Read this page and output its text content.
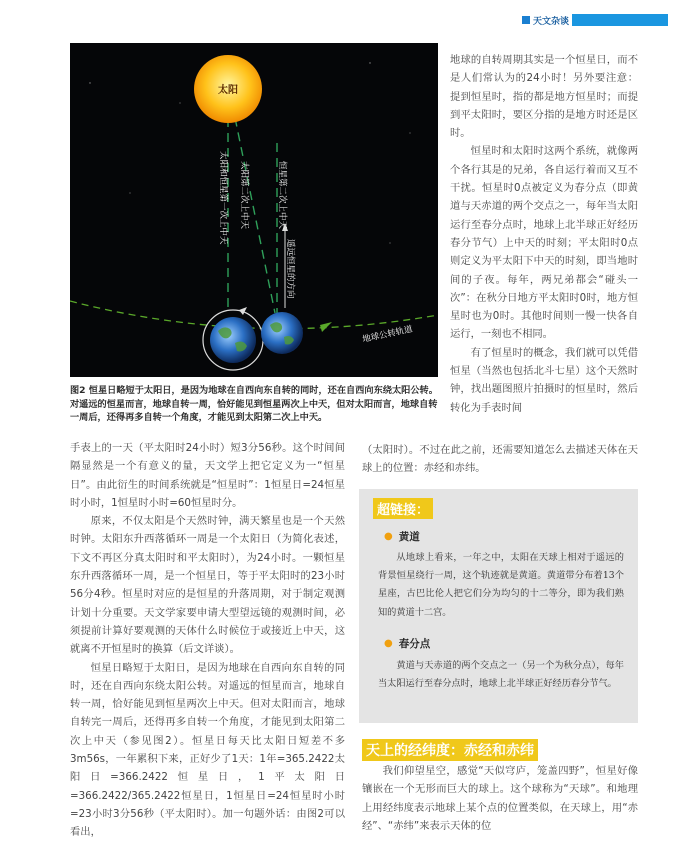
天文杂谈
太阳
太阳和恒星第一次上中天 太阳第二次上中天	恒星第二次上中天
遥远恒星的方向
地球公转轨道
图2 恒星日略短于太阳日，是因为地球在自西向东自转的同时，还在自西向东绕太阳公转。对遥远的恒星而言，地球自转一周，恰好能见到恒星两次上中天，但对太阳而言，地球自转一周后，还得再多自转一个角度，才能见到太阳第二次上中天。

地球的自转周期其实是一个恒星日，而不是人们常认为的24小时！另外要注意：提到恒星时，指的都是地方恒星时；而提到平太阳时，要区分指的是地方时还是区时。

恒星时和太阳时这两个系统，就像两个各行其是的兄弟，各自运行着而又互不干扰。恒星时0点被定义为春分点（即黄道与天赤道的两个交点之一，每年当太阳运行至春分点时，地球上北半球正好经历春分节气）上中天的时刻；平太阳时0点则定义为平太阳下中天的时刻，即当地时间的子夜。每年，两兄弟都会“碰头一次”：在秋分日地方平太阳时0时，地方恒星时也为0时。其他时间则一慢一快各自运行，一刻也不相同。

有了恒星时的概念，我们就可以凭借恒星（当然也包括北斗七星）这个天然时钟，找出题图照片拍摄时的恒星时，然后转化为手表时间

手表上的一天（平太阳时24小时）短3分56秒。这个时间间隔显然是一个有意义的量，天文学上把它定义为一“恒星日”。由此衍生的时间系统就是“恒星时”：1恒星日=24恒星时小时，1恒星时小时=60恒星时分。

原来，不仅太阳是个天然时钟，满天繁星也是一个天然时钟。太阳东升西落循环一周是一个太阳日（为简化表述，下文不再区分真太阳时和平太阳时），为24小时。一颗恒星东升西落循环一周，是一个恒星日，等于平太阳时的23小时56分4秒。恒星时对应的是恒星的升落周期，对于制定观测计划十分重要。天文学家要申请大型望远镜的观测时间，必须提前计算好要观测的天体什么时候位于或接近上中天，这就离不开恒星时的换算（后文详谈）。

恒星日略短于太阳日，是因为地球在自西向东自转的同时，还在自西向东绕太阳公转。对遥远的恒星而言，地球自转一周，恰好能见到恒星两次上中天。但对太阳而言，地球自转完一周后，还得再多自转一个角度，才能见到太阳第二次上中天（参见图2）。恒星日每天比太阳日短差不多3m56s，一年累积下来，正好少了1天：1年=365.2422太阳日=366.2422恒星日，1平太阳日=366.2422/365.2422恒星日，1恒星日=24恒星时小时=23小时3分56秒（平太阳时）。加一句题外话：由图2可以看出，

（太阳时）。不过在此之前，还需要知道怎么去描述天体在天球上的位置：赤经和赤纬。

超链接：
● 黄道
从地球上看来，一年之中，太阳在天球上相对于遥远的背景恒星绕行一周，这个轨迹就是黄道。黄道带分布着13个星座，古巴比伦人把它们分为均匀的十二等分，即为我们熟知的黄道十二宫。
● 春分点
黄道与天赤道的两个交点之一（另一个为秋分点），每年当太阳运行至春分点时，地球上北半球正好经历春分节气。
天上的经纬度：赤经和赤纬

我们仰望星空，感觉“天似穹庐，笼盖四野”，恒星好像镶嵌在一个无形而巨大的球上。这个球称为“天球”。和地理上用经纬度表示地球上某个点的位置类似，在天球上，用“赤经”、“赤纬”来表示天体的位
